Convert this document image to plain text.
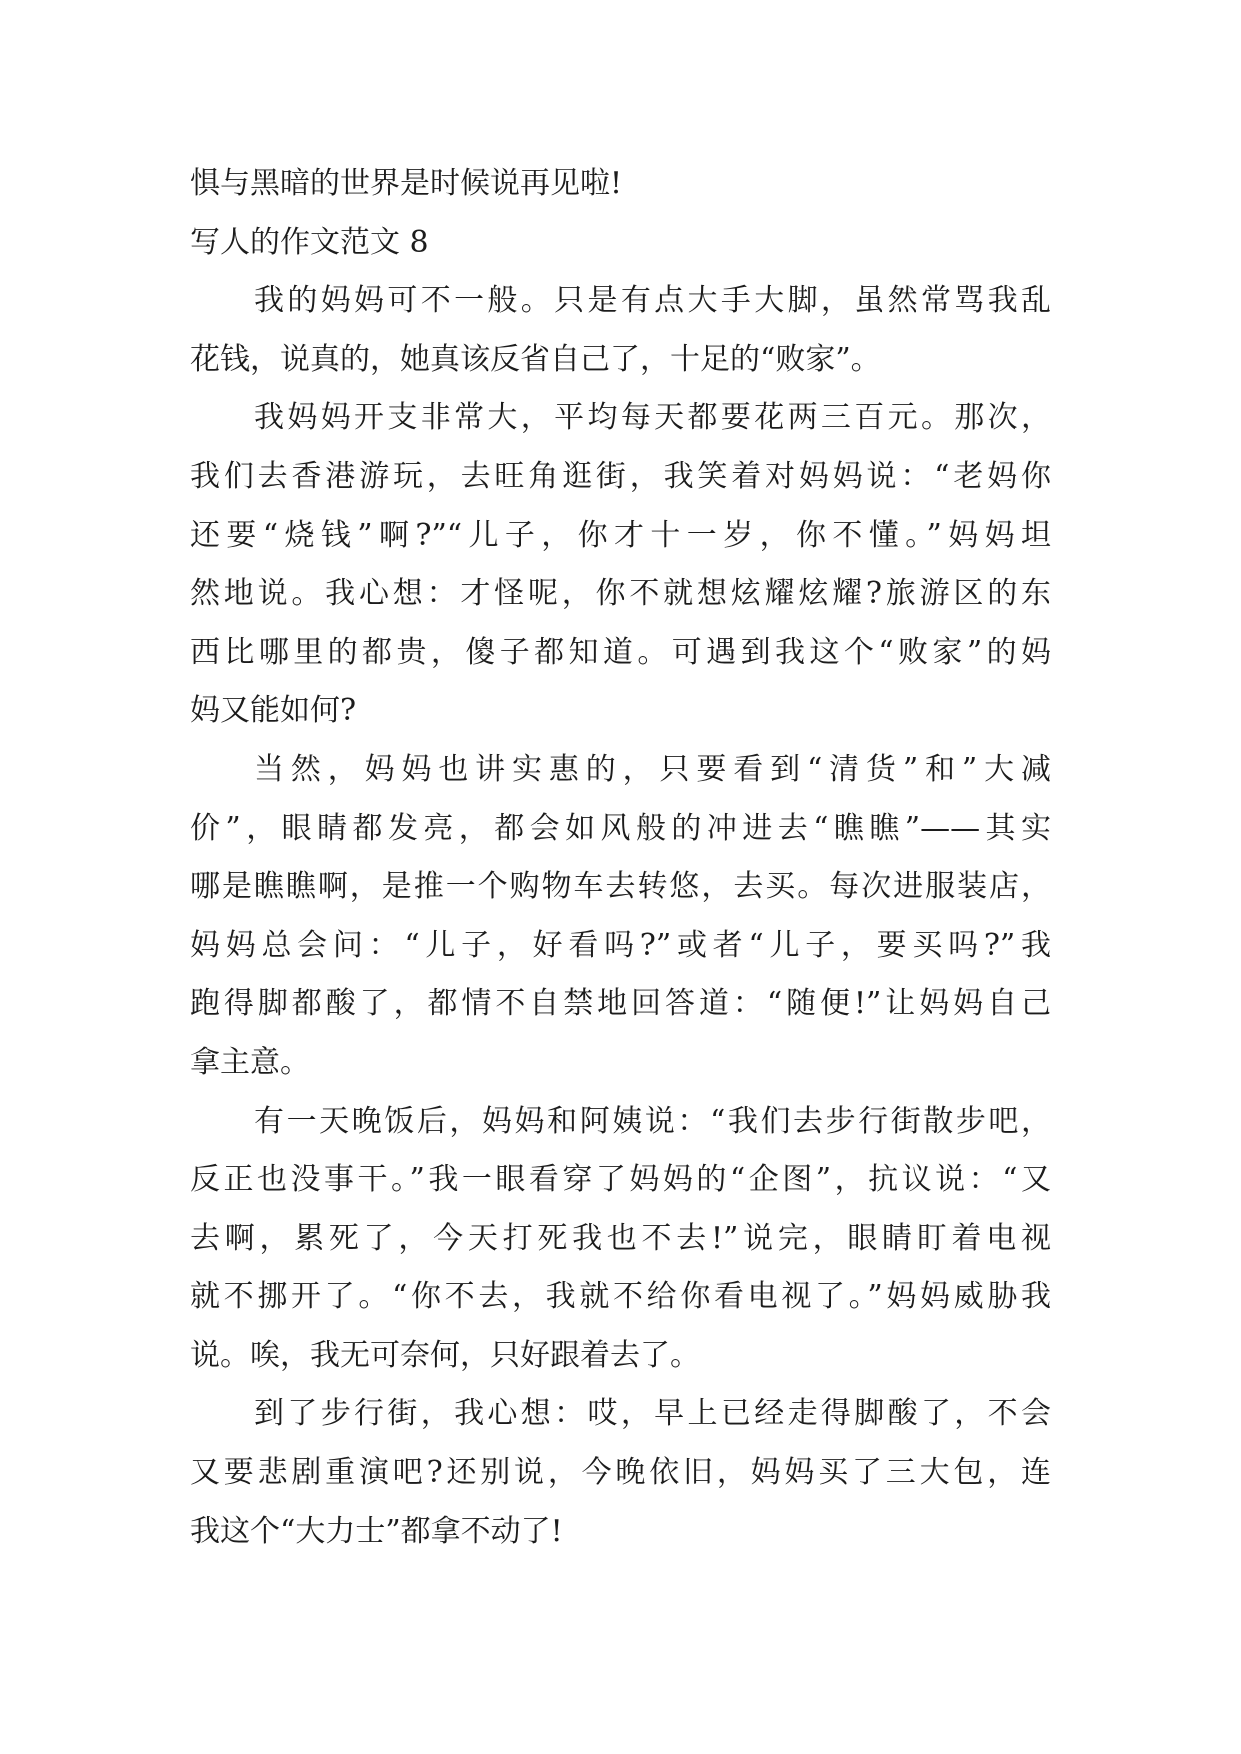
惧与黑暗的世界是时候说再见啦!
写人的作文范文 8
我的妈妈可不一般。只是有点大手大脚，虽然常骂我乱
花钱，说真的，她真该反省自己了，十足的“败家”。
我妈妈开支非常大，平均每天都要花两三百元。那次，
我们去香港游玩，去旺角逛街，我笑着对妈妈说：“老妈你
还要“烧钱”啊?”“儿子，你才十一岁，你不懂。”妈妈坦
然地说。我心想：才怪呢，你不就想炫耀炫耀?旅游区的东
西比哪里的都贵，傻子都知道。可遇到我这个“败家”的妈
妈又能如何?
当然，妈妈也讲实惠的，只要看到“清货”和”大减
价”，眼睛都发亮，都会如风般的冲进去“瞧瞧”——其实
哪是瞧瞧啊，是推一个购物车去转悠，去买。每次进服装店，
妈妈总会问：“儿子，好看吗?”或者“儿子，要买吗?”我
跑得脚都酸了，都情不自禁地回答道：“随便!”让妈妈自己
拿主意。
有一天晚饭后，妈妈和阿姨说：“我们去步行街散步吧，
反正也没事干。”我一眼看穿了妈妈的“企图”，抗议说：“又
去啊，累死了，今天打死我也不去!”说完，眼睛盯着电视
就不挪开了。“你不去，我就不给你看电视了。”妈妈威胁我
说。唉，我无可奈何，只好跟着去了。
到了步行街，我心想：哎，早上已经走得脚酸了，不会
又要悲剧重演吧?还别说，今晚依旧，妈妈买了三大包，连
我这个“大力士”都拿不动了!
